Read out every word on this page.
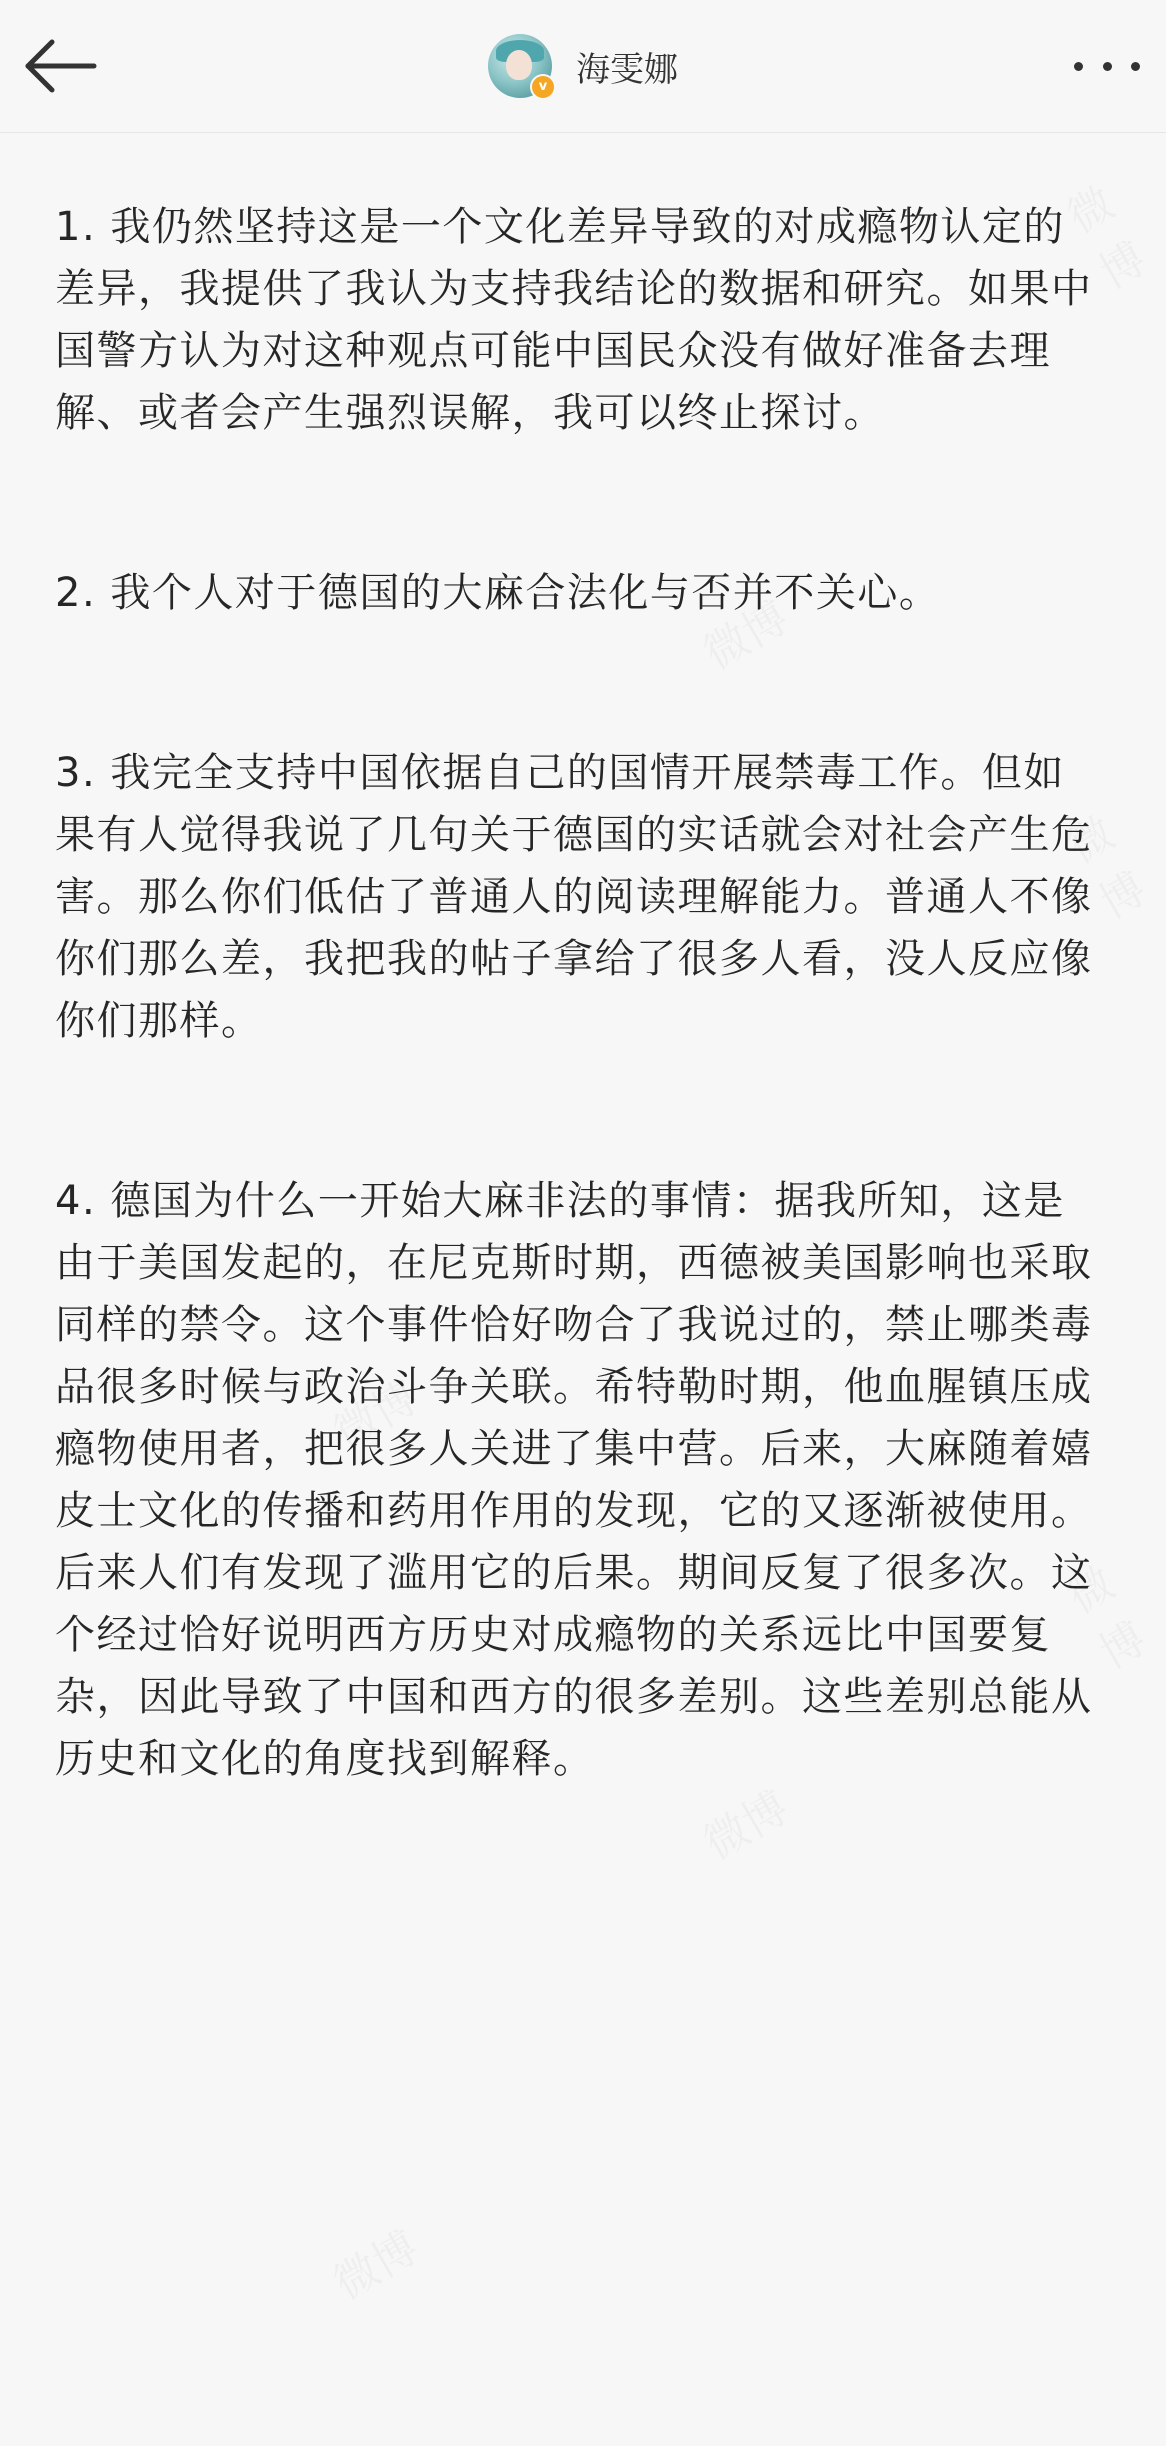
v 海雯娜

1. 我仍然坚持这是一个文化差异导致的对成瘾物认定的差异，我提供了我认为支持我结论的数据和研究。如果中国警方认为对这种观点可能中国民众没有做好准备去理解、或者会产生强烈误解，我可以终止探讨。

2. 我个人对于德国的大麻合法化与否并不关心。

3. 我完全支持中国依据自己的国情开展禁毒工作。但如果有人觉得我说了几句关于德国的实话就会对社会产生危害。那么你们低估了普通人的阅读理解能力。普通人不像你们那么差，我把我的帖子拿给了很多人看，没人反应像你们那样。

4. 德国为什么一开始大麻非法的事情：据我所知，这是由于美国发起的，在尼克斯时期，西德被美国影响也采取同样的禁令。这个事件恰好吻合了我说过的，禁止哪类毒品很多时候与政治斗争关联。希特勒时期，他血腥镇压成瘾物使用者，把很多人关进了集中营。后来，大麻随着嬉皮士文化的传播和药用作用的发现，它的又逐渐被使用。后来人们有发现了滥用它的后果。期间反复了很多次。这个经过恰好说明西方历史对成瘾物的关系远比中国要复杂，因此导致了中国和西方的很多差别。这些差别总能从历史和文化的角度找到解释。
